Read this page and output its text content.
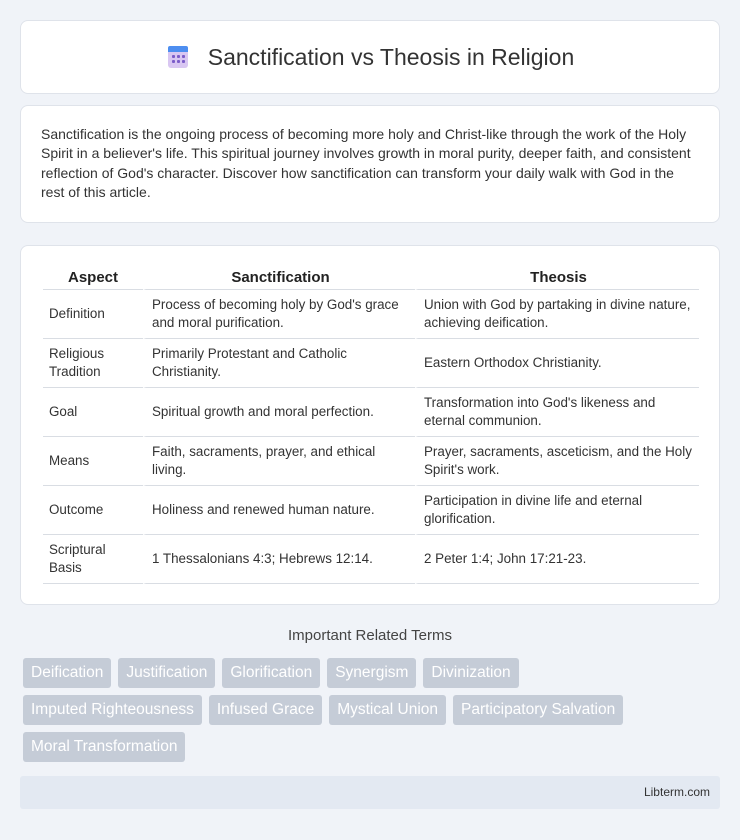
Sanctification vs Theosis in Religion

Sanctification is the ongoing process of becoming more holy and Christ-like through the work of the Holy Spirit in a believer's life. This spiritual journey involves growth in moral purity, deeper faith, and consistent reflection of God's character. Discover how sanctification can transform your daily walk with God in the rest of this article.

Aspect	Sanctification	Theosis
Definition	Process of becoming holy by God's grace and moral purification.	Union with God by partaking in divine nature, achieving deification.
Religious Tradition	Primarily Protestant and Catholic Christianity.	Eastern Orthodox Christianity.
Goal	Spiritual growth and moral perfection.	Transformation into God's likeness and eternal communion.
Means	Faith, sacraments, prayer, and ethical living.	Prayer, sacraments, asceticism, and the Holy Spirit's work.
Outcome	Holiness and renewed human nature.	Participation in divine life and eternal glorification.
Scriptural Basis	1 Thessalonians 4:3; Hebrews 12:14.	2 Peter 1:4; John 17:21-23.
Important Related Terms
Deification	Justification	Glorification	Synergism	Divinization
Imputed Righteousness	Infused Grace	Mystical Union	Participatory Salvation
Moral Transformation
Libterm.com
